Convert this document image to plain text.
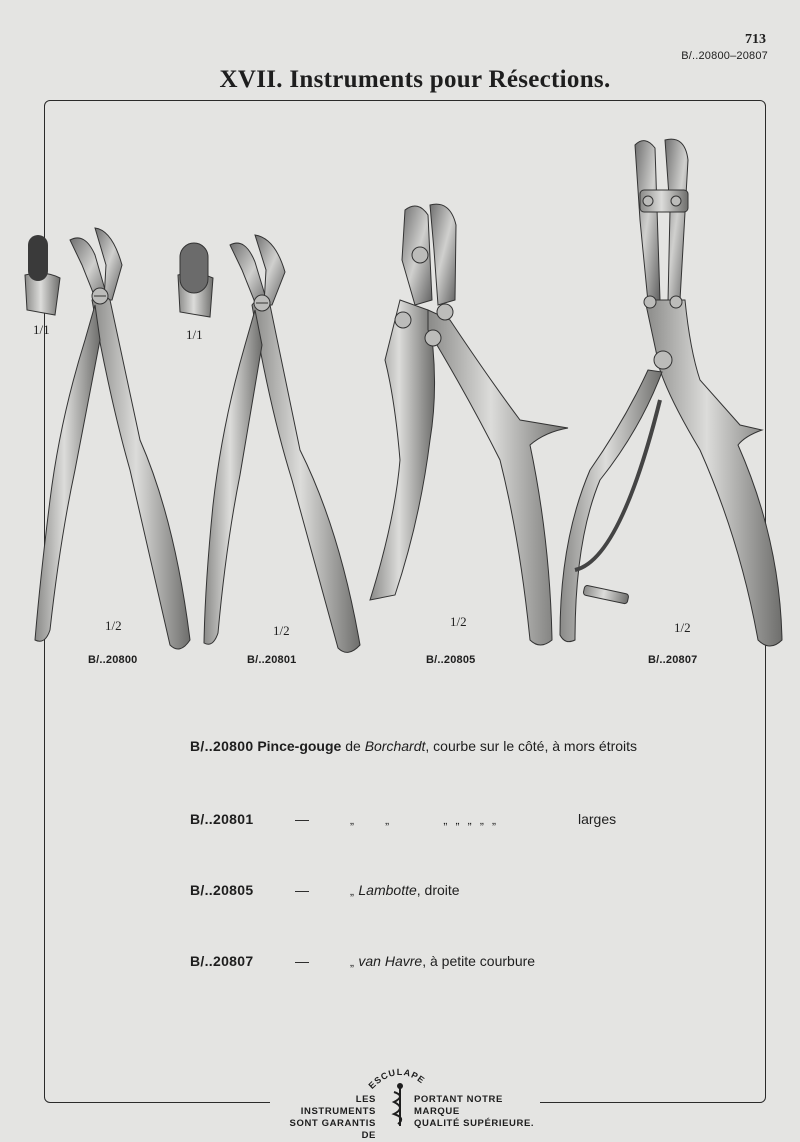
713
B/..20800–20807
XVII. Instruments pour Résections.
1/1	1/1
1/2	1/2
1/2	1/2
B/..20800	B/..20801	B/..20805	B/..20807
B/..20800 Pince-gouge de Borchardt, courbe sur le côté, à mors étroits
B/..20801	—	„        „              „  „  „  „  „	larges
B/..20805	—	„ Lambotte, droite
B/..20807	—	„ van Havre, à petite courbure
ESCULAPE
LES INSTRUMENTS
SONT GARANTIS DE
PORTANT NOTRE MARQUE
QUALITÉ SUPÉRIEURE.
